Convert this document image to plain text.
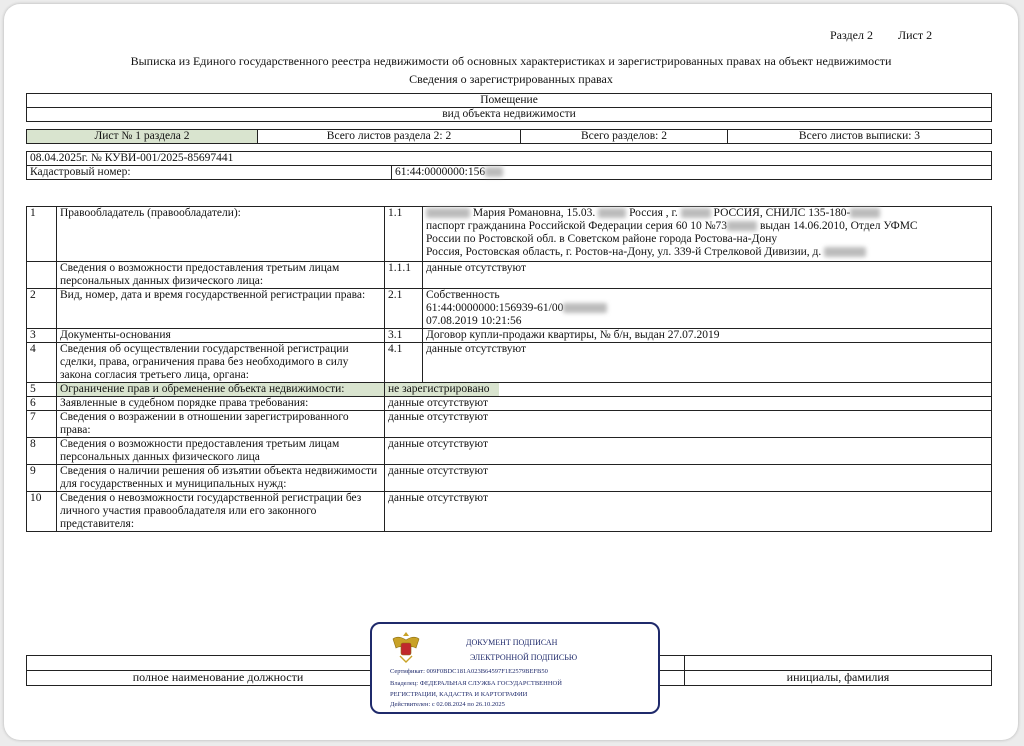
Раздел 2 Лист 2
Выписка из Единого государственного реестра недвижимости об основных характеристиках и зарегистрированных правах на объект недвижимости
Сведения о зарегистрированных правах
Помещение
вид объекта недвижимости
Лист № 1 раздела 2	Всего листов раздела 2: 2	Всего разделов: 2	Всего листов выписки: 3
08.04.2025г. № КУВИ-001/2025-85697441
Кадастровый номер:	61:44:0000000:156
1	Правообладатель (правообладатели):	1.1	Мария Романовна, 15.03. Россия , г. РОССИЯ, СНИЛС 135-180-
паспорт гражданина Российской Федерации серия 60 10 №73 выдан 14.06.2010, Отдел УФМС
России по Ростовской обл. в Советском районе города Ростова-на-Дону
Россия, Ростовская область, г. Ростов-на-Дону, ул. 339-й Стрелковой Дивизии, д.
	Сведения о возможности предоставления третьим лицам персональных данных физического лица:	1.1.1	данные отсутствуют
2	Вид, номер, дата и время государственной регистрации права:	2.1	Собственность
61:44:0000000:156939-61/00
07.08.2019 10:21:56
3	Документы-основания	3.1	Договор купли-продажи квартиры, № б/н, выдан 27.07.2019
4	Сведения об осуществлении государственной регистрации сделки, права, ограничения права без необходимого в силу закона согласия третьего лица, органа:	4.1	данные отсутствуют
5	Ограничение прав и обременение объекта недвижимости:	не зарегистрировано	
6	Заявленные в судебном порядке права требования:	данные отсутствуют	
7	Сведения о возражении в отношении зарегистрированного права:	данные отсутствуют	
8	Сведения о возможности предоставления третьим лицам персональных данных физического лица	данные отсутствуют	
9	Сведения о наличии решения об изъятии объекта недвижимости для государственных и муниципальных нужд:	данные отсутствуют	
10	Сведения о невозможности государственной регистрации без личного участия правообладателя или его законного представителя:	данные отсутствуют	

полное наименование должности		инициалы, фамилия
ДОКУМЕНТ ПОДПИСАН
ЭЛЕКТРОННОЙ ПОДПИСЬЮ
Сертификат: 009F0BDC181A023B64597F1E2579BEFB50
Владелец: ФЕДЕРАЛЬНАЯ СЛУЖБА ГОСУДАРСТВЕННОЙ
РЕГИСТРАЦИИ, КАДАСТРА И КАРТОГРАФИИ
Действителен: с 02.08.2024 по 26.10.2025
